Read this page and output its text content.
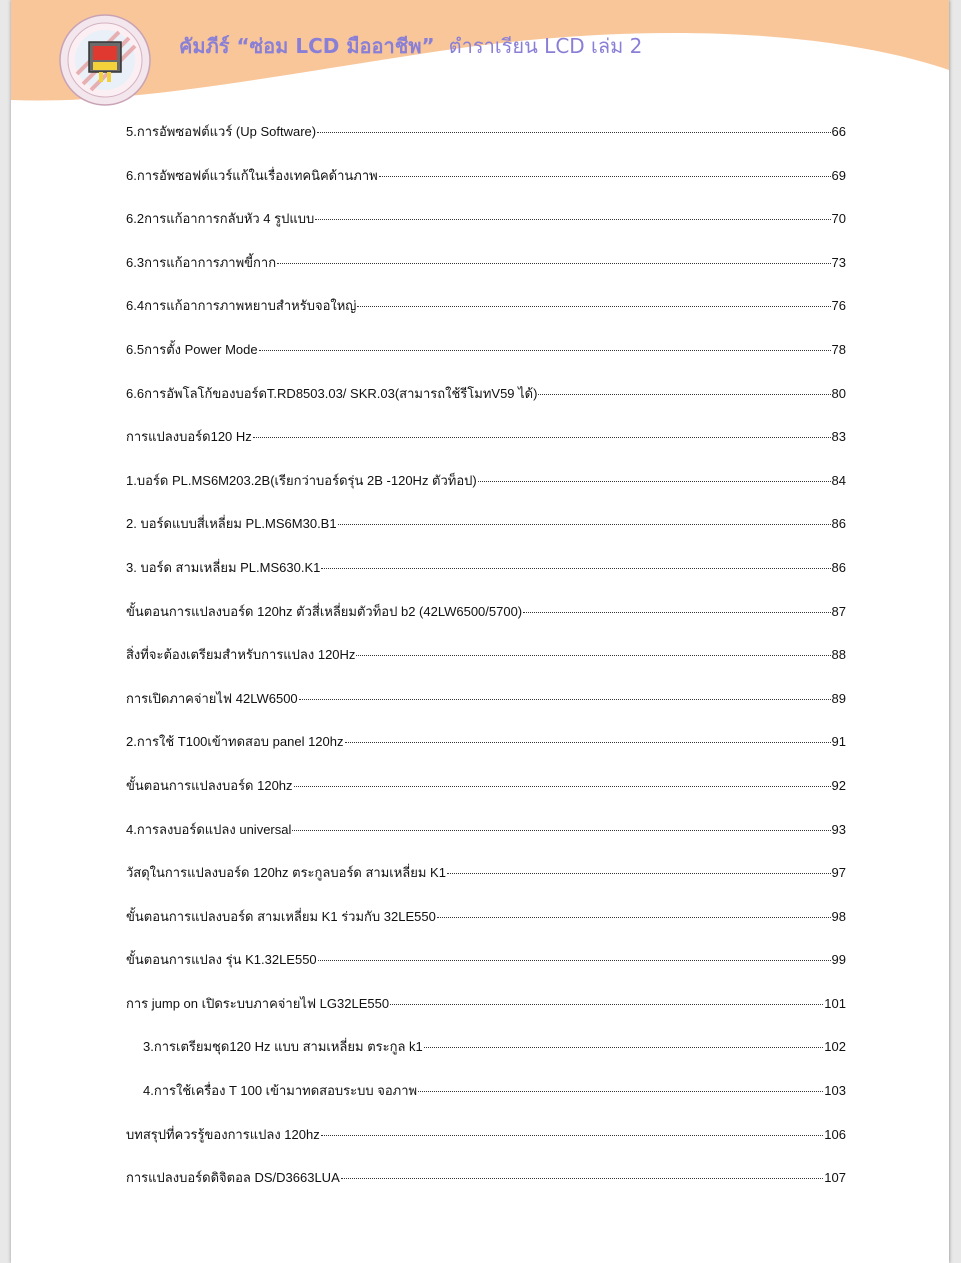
คัมภีร์ “ซ่อม LCD มืออาชีพ” ตำราเรียน LCD เล่ม 2
5.การอัพซอฟต์แวร์ (Up Software)	66
6.การอัพซอฟต์แวร์แก้ในเรื่องเทคนิคด้านภาพ	69
6.2การแก้อาการกลับหัว 4 รูปแบบ	70
6.3การแก้อาการภาพขี้กาก	73
6.4การแก้อาการภาพหยาบสำหรับจอใหญ่	76
6.5การตั้ง Power Mode	78
6.6การอัพโลโก้ของบอร์ดT.RD8503.03/ SKR.03(สามารถใช้รีโมทV59 ได้)	80
การแปลงบอร์ด120 Hz	83
1.บอร์ด PL.MS6M203.2B(เรียกว่าบอร์ดรุ่น 2B -120Hz ตัวท็อป)	84
2. บอร์ดแบบสี่เหลี่ยม PL.MS6M30.B1	86
3. บอร์ด สามเหลี่ยม PL.MS630.K1	86
ขั้นตอนการแปลงบอร์ด 120hz ตัวสี่เหลี่ยมตัวท็อป b2 (42LW6500/5700)	87
สิ่งที่จะต้องเตรียมสำหรับการแปลง 120Hz	88
การเปิดภาคจ่ายไฟ 42LW6500	89
2.การใช้ T100เข้าทดสอบ panel 120hz	91
ขั้นตอนการแปลงบอร์ด 120hz	92
4.การลงบอร์ดแปลง universal	93
วัสดุในการแปลงบอร์ด 120hz ตระกูลบอร์ด สามเหลี่ยม K1	97
ขั้นตอนการแปลงบอร์ด สามเหลี่ยม K1 ร่วมกับ 32LE550	98
ขั้นตอนการแปลง รุ่น K1.32LE550	99
การ jump on เปิดระบบภาคจ่ายไฟ LG32LE550	101
3.การเตรียมชุด120 Hz แบบ สามเหลี่ยม ตระกูล k1	102
4.การใช้เครื่อง T 100 เข้ามาทดสอบระบบ จอภาพ	103
บทสรุปที่ควรรู้ของการแปลง 120hz	106
การแปลงบอร์ดดิจิตอล DS/D3663LUA	107
